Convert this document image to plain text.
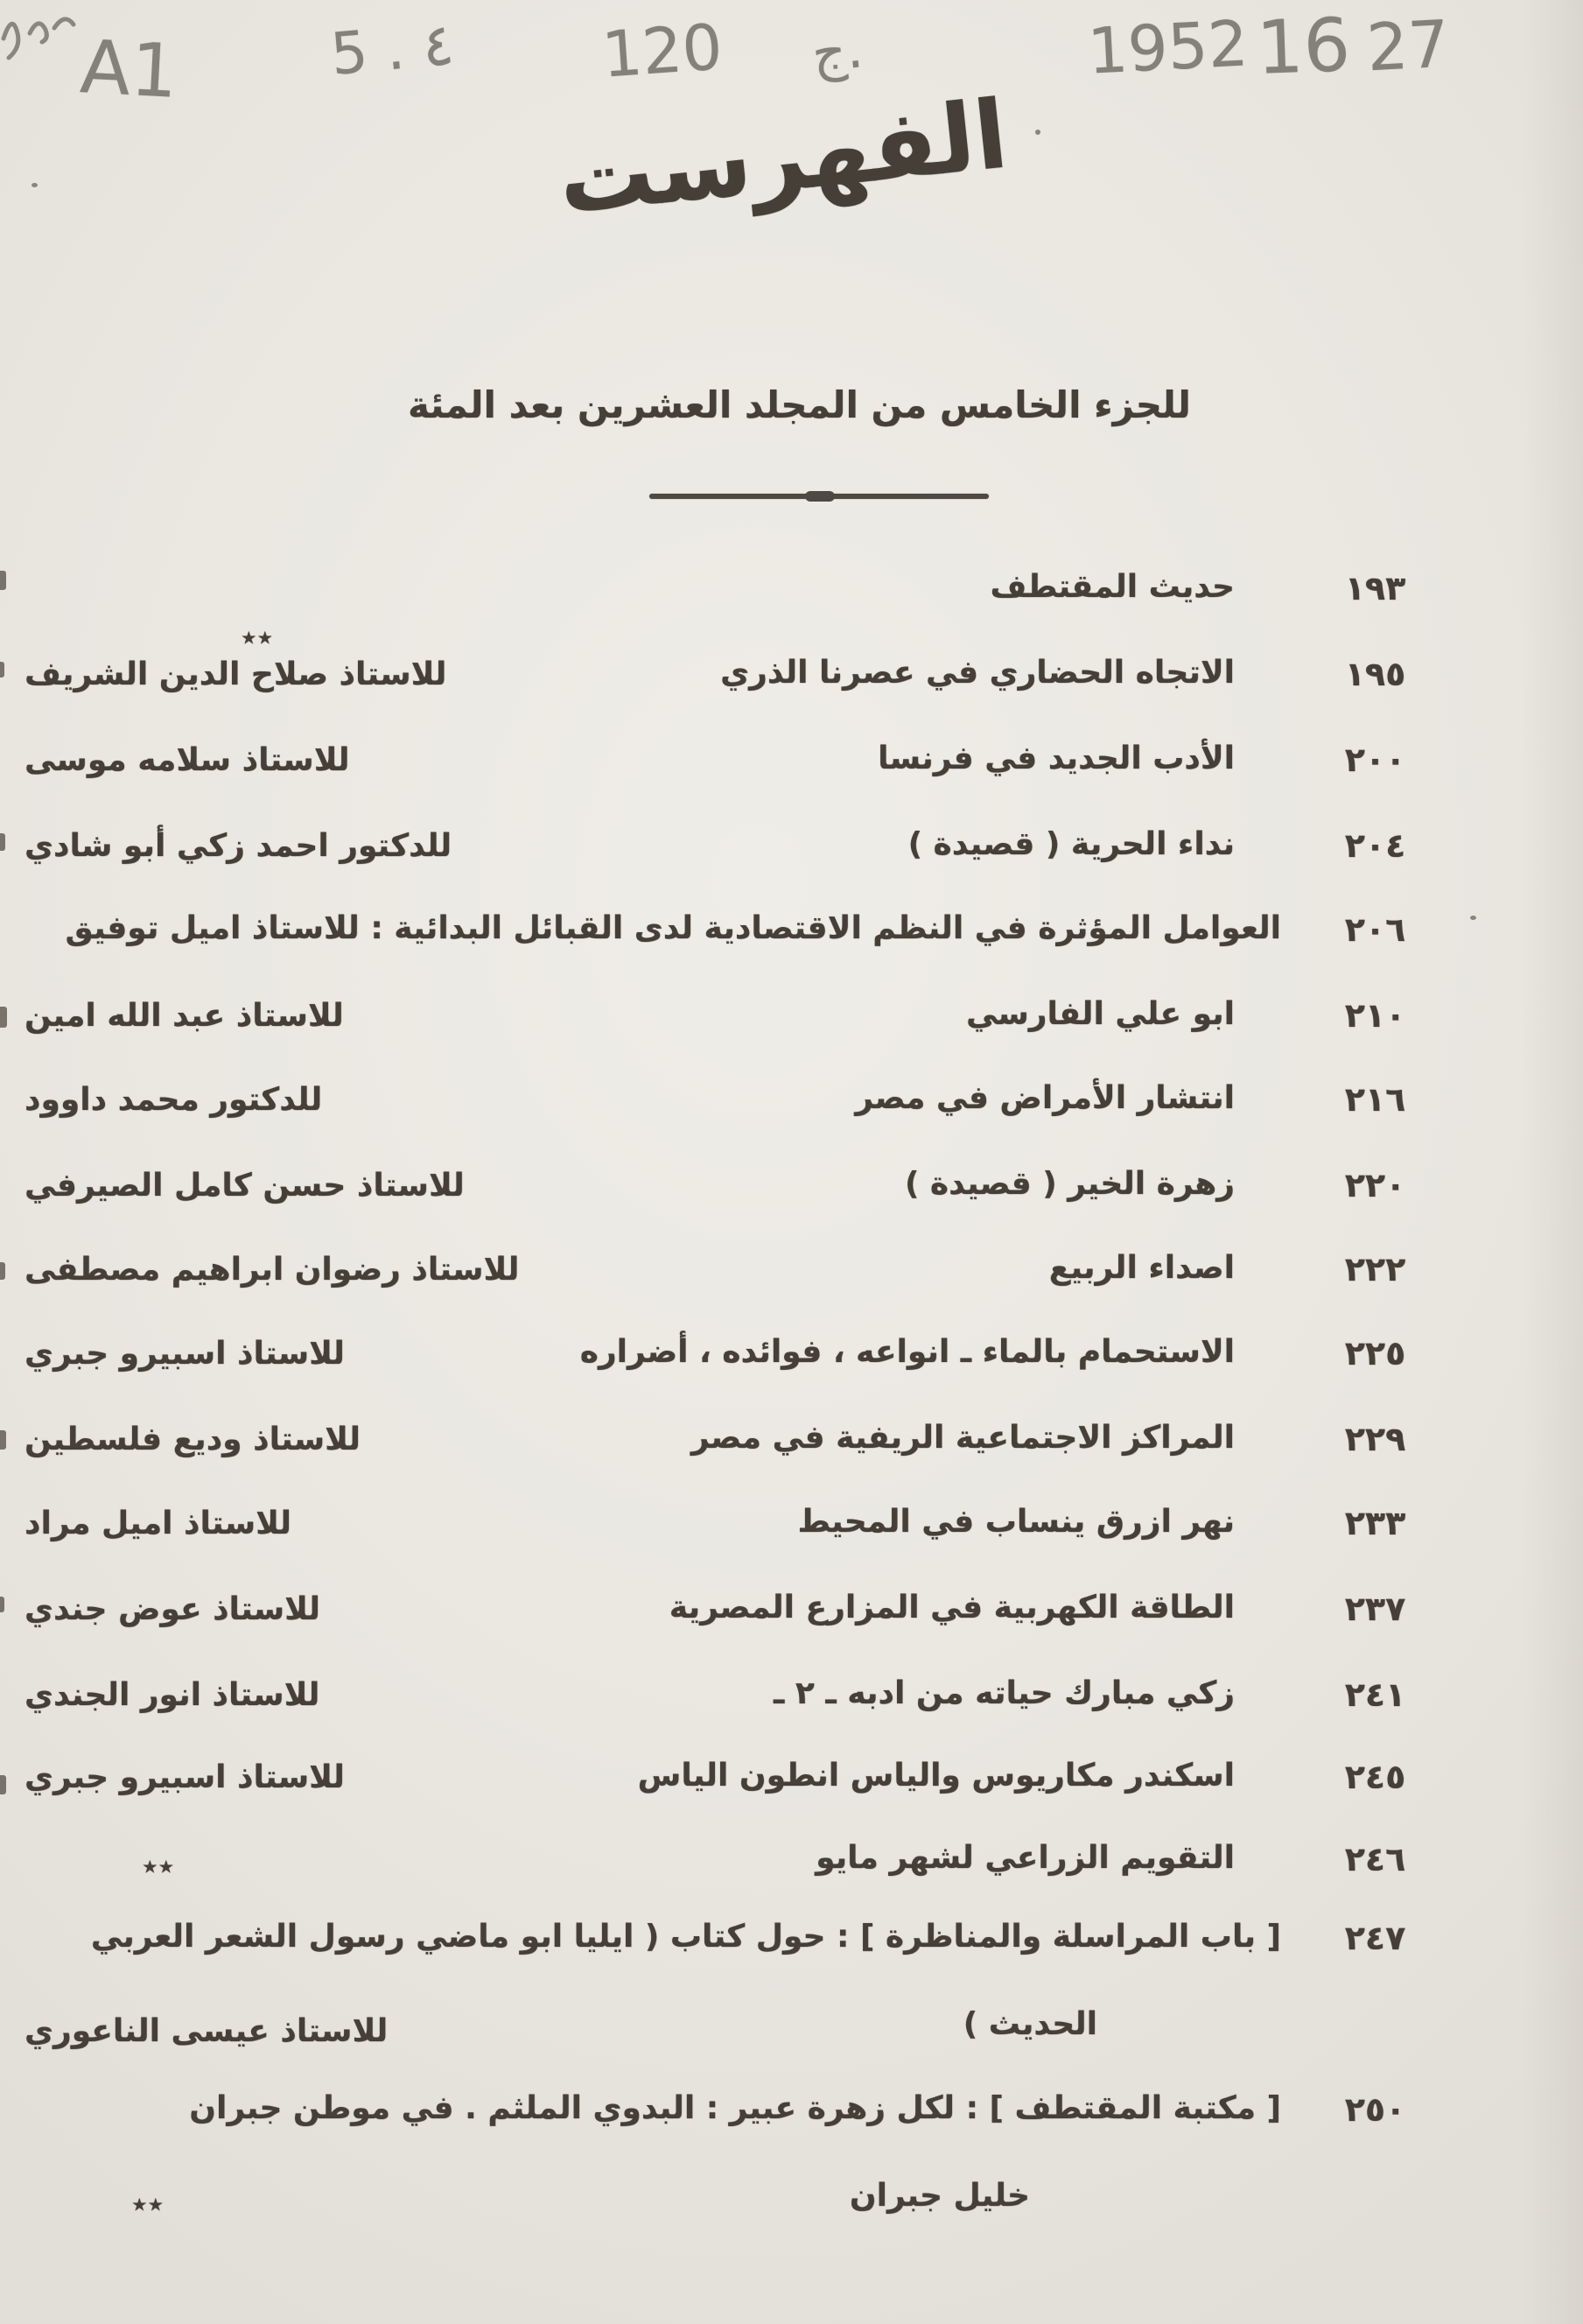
A1	5 . ٤ 120 ج.	1952 16 27
الفهرست
للجزء الخامس من المجلد العشرين بعد المئة
١٩٣
حديث المقتطف
٭٭
١٩٥
الاتجاه الحضاري في عصرنا الذري
للاستاذ صلاح الدين الشريف
٢٠٠
الأدب الجديد في فرنسا
للاستاذ سلامه موسى
٢٠٤
نداء الحرية ( قصيدة )
للدكتور احمد زكي أبو شادي
٢٠٦
العوامل المؤثرة في النظم الاقتصادية لدى القبائل البدائية : للاستاذ اميل توفيق
٢١٠
ابو علي الفارسي
للاستاذ عبد الله امين
٢١٦
انتشار الأمراض في مصر
للدكتور محمد داوود
٢٢٠
زهرة الخير ( قصيدة )
للاستاذ حسن كامل الصيرفي
٢٢٢
اصداء الربيع
للاستاذ رضوان ابراهيم مصطفى
٢٢٥
الاستحمام بالماء ـ انواعه ، فوائده ، أضراره
للاستاذ اسبيرو جبري
٢٢٩
المراكز الاجتماعية الريفية في مصر
للاستاذ وديع فلسطين
٢٣٣
نهر ازرق ينساب في المحيط
للاستاذ اميل مراد
٢٣٧
الطاقة الكهربية في المزارع المصرية
للاستاذ عوض جندي
٢٤١
زكي مبارك حياته من ادبه ـ ٢ ـ
للاستاذ انور الجندي
٢٤٥
اسكندر مكاريوس والياس انطون الياس
للاستاذ اسبيرو جبري
٢٤٦
التقويم الزراعي لشهر مايو
٭٭
٢٤٧
[ باب المراسلة والمناظرة ] : حول كتاب ( ايليا ابو ماضي رسول الشعر العربي
الحديث )
للاستاذ عيسى الناعوري
٢٥٠
[ مكتبة المقتطف ] : لكل زهرة عبير : البدوي الملثم . في موطن جبران
خليل جبران
٭٭
